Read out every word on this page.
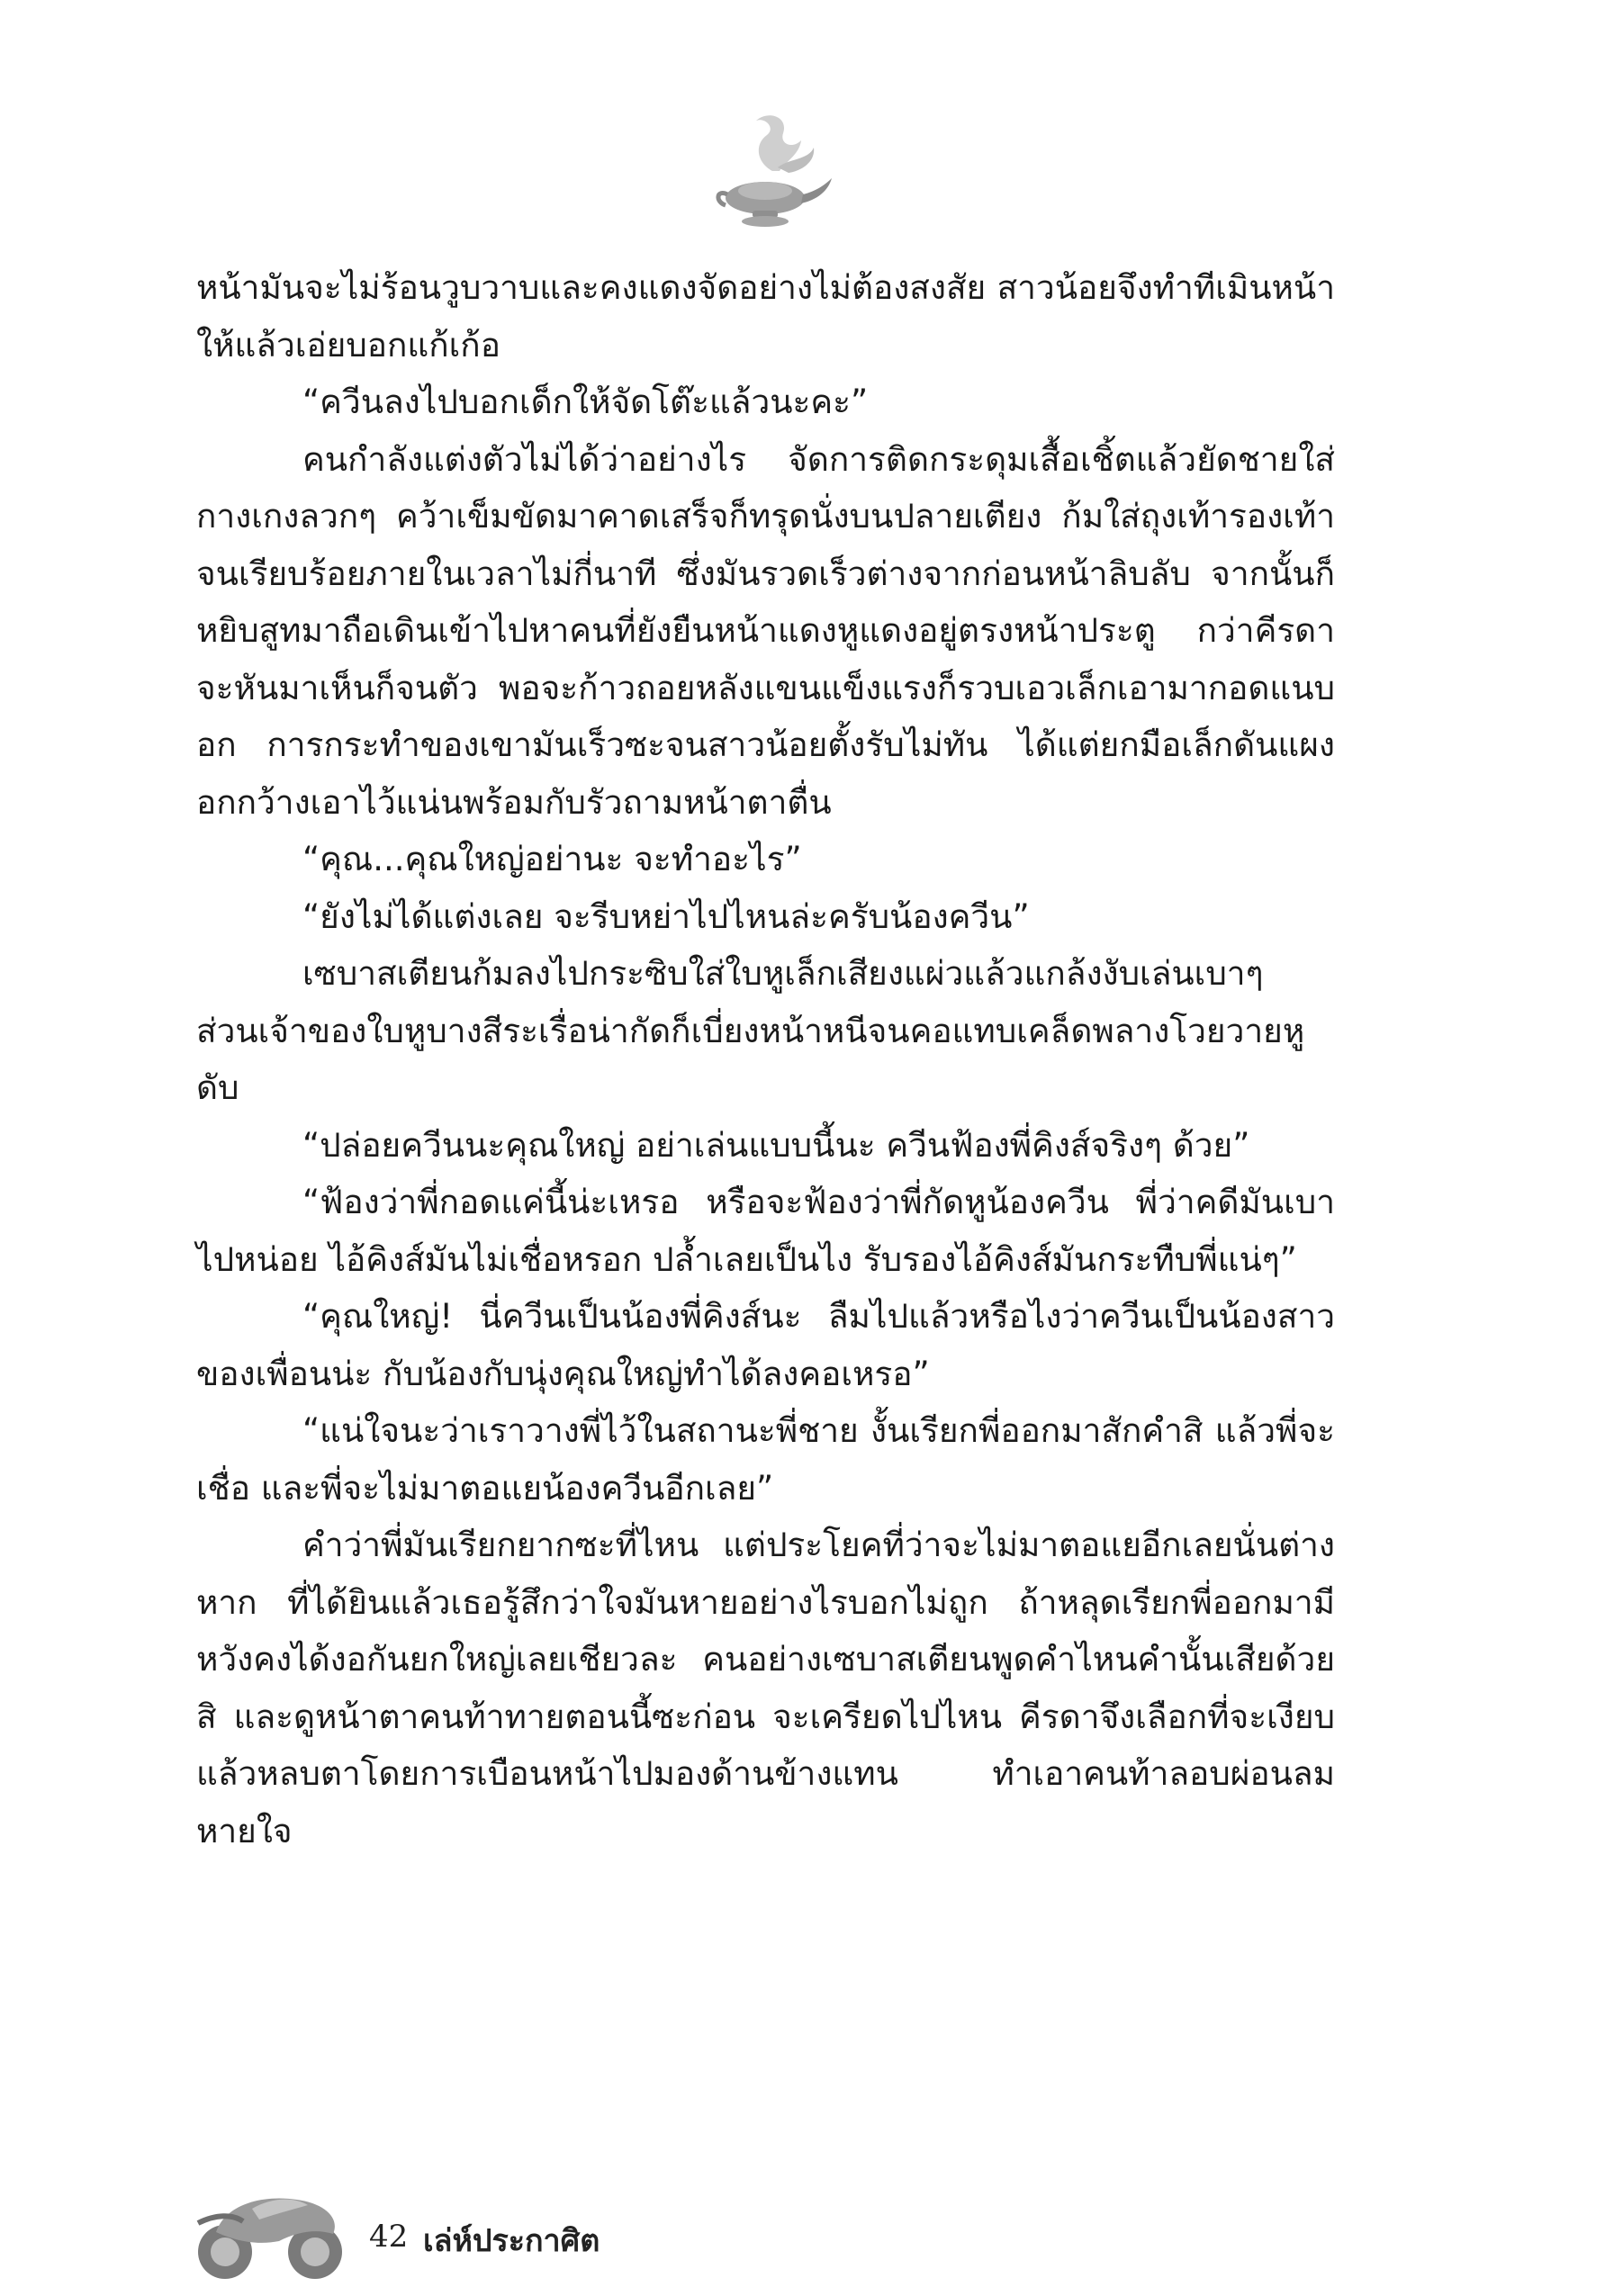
หน้ามันจะไม่ร้อนวูบวาบและคงแดงจัดอย่างไม่ต้องสงสัย สาวน้อยจึงทำทีเมินหน้าให้แล้วเอ่ยบอกแก้เก้อ

“ควีนลงไปบอกเด็กให้จัดโต๊ะแล้วนะคะ”

คนกำลังแต่งตัวไม่ได้ว่าอย่างไร จัดการติดกระดุมเสื้อเชิ้ตแล้วยัดชายใส่กางเกงลวกๆ คว้าเข็มขัดมาคาดเสร็จก็ทรุดนั่งบนปลายเตียง ก้มใส่ถุงเท้ารองเท้าจนเรียบร้อยภายในเวลาไม่กี่นาที ซึ่งมันรวดเร็วต่างจากก่อนหน้าลิบลับ จากนั้นก็หยิบสูทมาถือเดินเข้าไปหาคนที่ยังยืนหน้าแดงหูแดงอยู่ตรงหน้าประตู กว่าคีรดาจะหันมาเห็นก็จนตัว พอจะก้าวถอยหลังแขนแข็งแรงก็รวบเอวเล็กเอามากอดแนบอก การกระทำของเขามันเร็วซะจนสาวน้อยตั้งรับไม่ทัน ได้แต่ยกมือเล็กดันแผงอกกว้างเอาไว้แน่นพร้อมกับรัวถามหน้าตาตื่น

“คุณ...คุณใหญ่อย่านะ จะทำอะไร”

“ยังไม่ได้แต่งเลย จะรีบหย่าไปไหนล่ะครับน้องควีน”

เซบาสเตียนก้มลงไปกระซิบใส่ใบหูเล็กเสียงแผ่วแล้วแกล้งงับเล่นเบาๆ ส่วนเจ้าของใบหูบางสีระเรื่อน่ากัดก็เบี่ยงหน้าหนีจนคอแทบเคล็ดพลางโวยวายหูดับ

“ปล่อยควีนนะคุณใหญ่ อย่าเล่นแบบนี้นะ ควีนฟ้องพี่คิงส์จริงๆ ด้วย”

“ฟ้องว่าพี่กอดแค่นี้น่ะเหรอ หรือจะฟ้องว่าพี่กัดหูน้องควีน พี่ว่าคดีมันเบาไปหน่อย ไอ้คิงส์มันไม่เชื่อหรอก ปล้ำเลยเป็นไง รับรองไอ้คิงส์มันกระทืบพี่แน่ๆ”

“คุณใหญ่! นี่ควีนเป็นน้องพี่คิงส์นะ ลืมไปแล้วหรือไงว่าควีนเป็นน้องสาวของเพื่อนน่ะ กับน้องกับนุ่งคุณใหญ่ทำได้ลงคอเหรอ”

“แน่ใจนะว่าเราวางพี่ไว้ในสถานะพี่ชาย งั้นเรียกพี่ออกมาสักคำสิ แล้วพี่จะเชื่อ และพี่จะไม่มาตอแยน้องควีนอีกเลย”

คำว่าพี่มันเรียกยากซะที่ไหน แต่ประโยคที่ว่าจะไม่มาตอแยอีกเลยนั่นต่างหาก ที่ได้ยินแล้วเธอรู้สึกว่าใจมันหายอย่างไรบอกไม่ถูก ถ้าหลุดเรียกพี่ออกมามีหวังคงได้งอกันยกใหญ่เลยเชียวละ คนอย่างเซบาสเตียนพูดคำไหนคำนั้นเสียด้วยสิ และดูหน้าตาคนท้าทายตอนนี้ซะก่อน จะเครียดไปไหน คีรดาจึงเลือกที่จะเงียบแล้วหลบตาโดยการเบือนหน้าไปมองด้านข้างแทน ทำเอาคนท้าลอบผ่อนลมหายใจ

42 เล่ห์ประกาศิต
